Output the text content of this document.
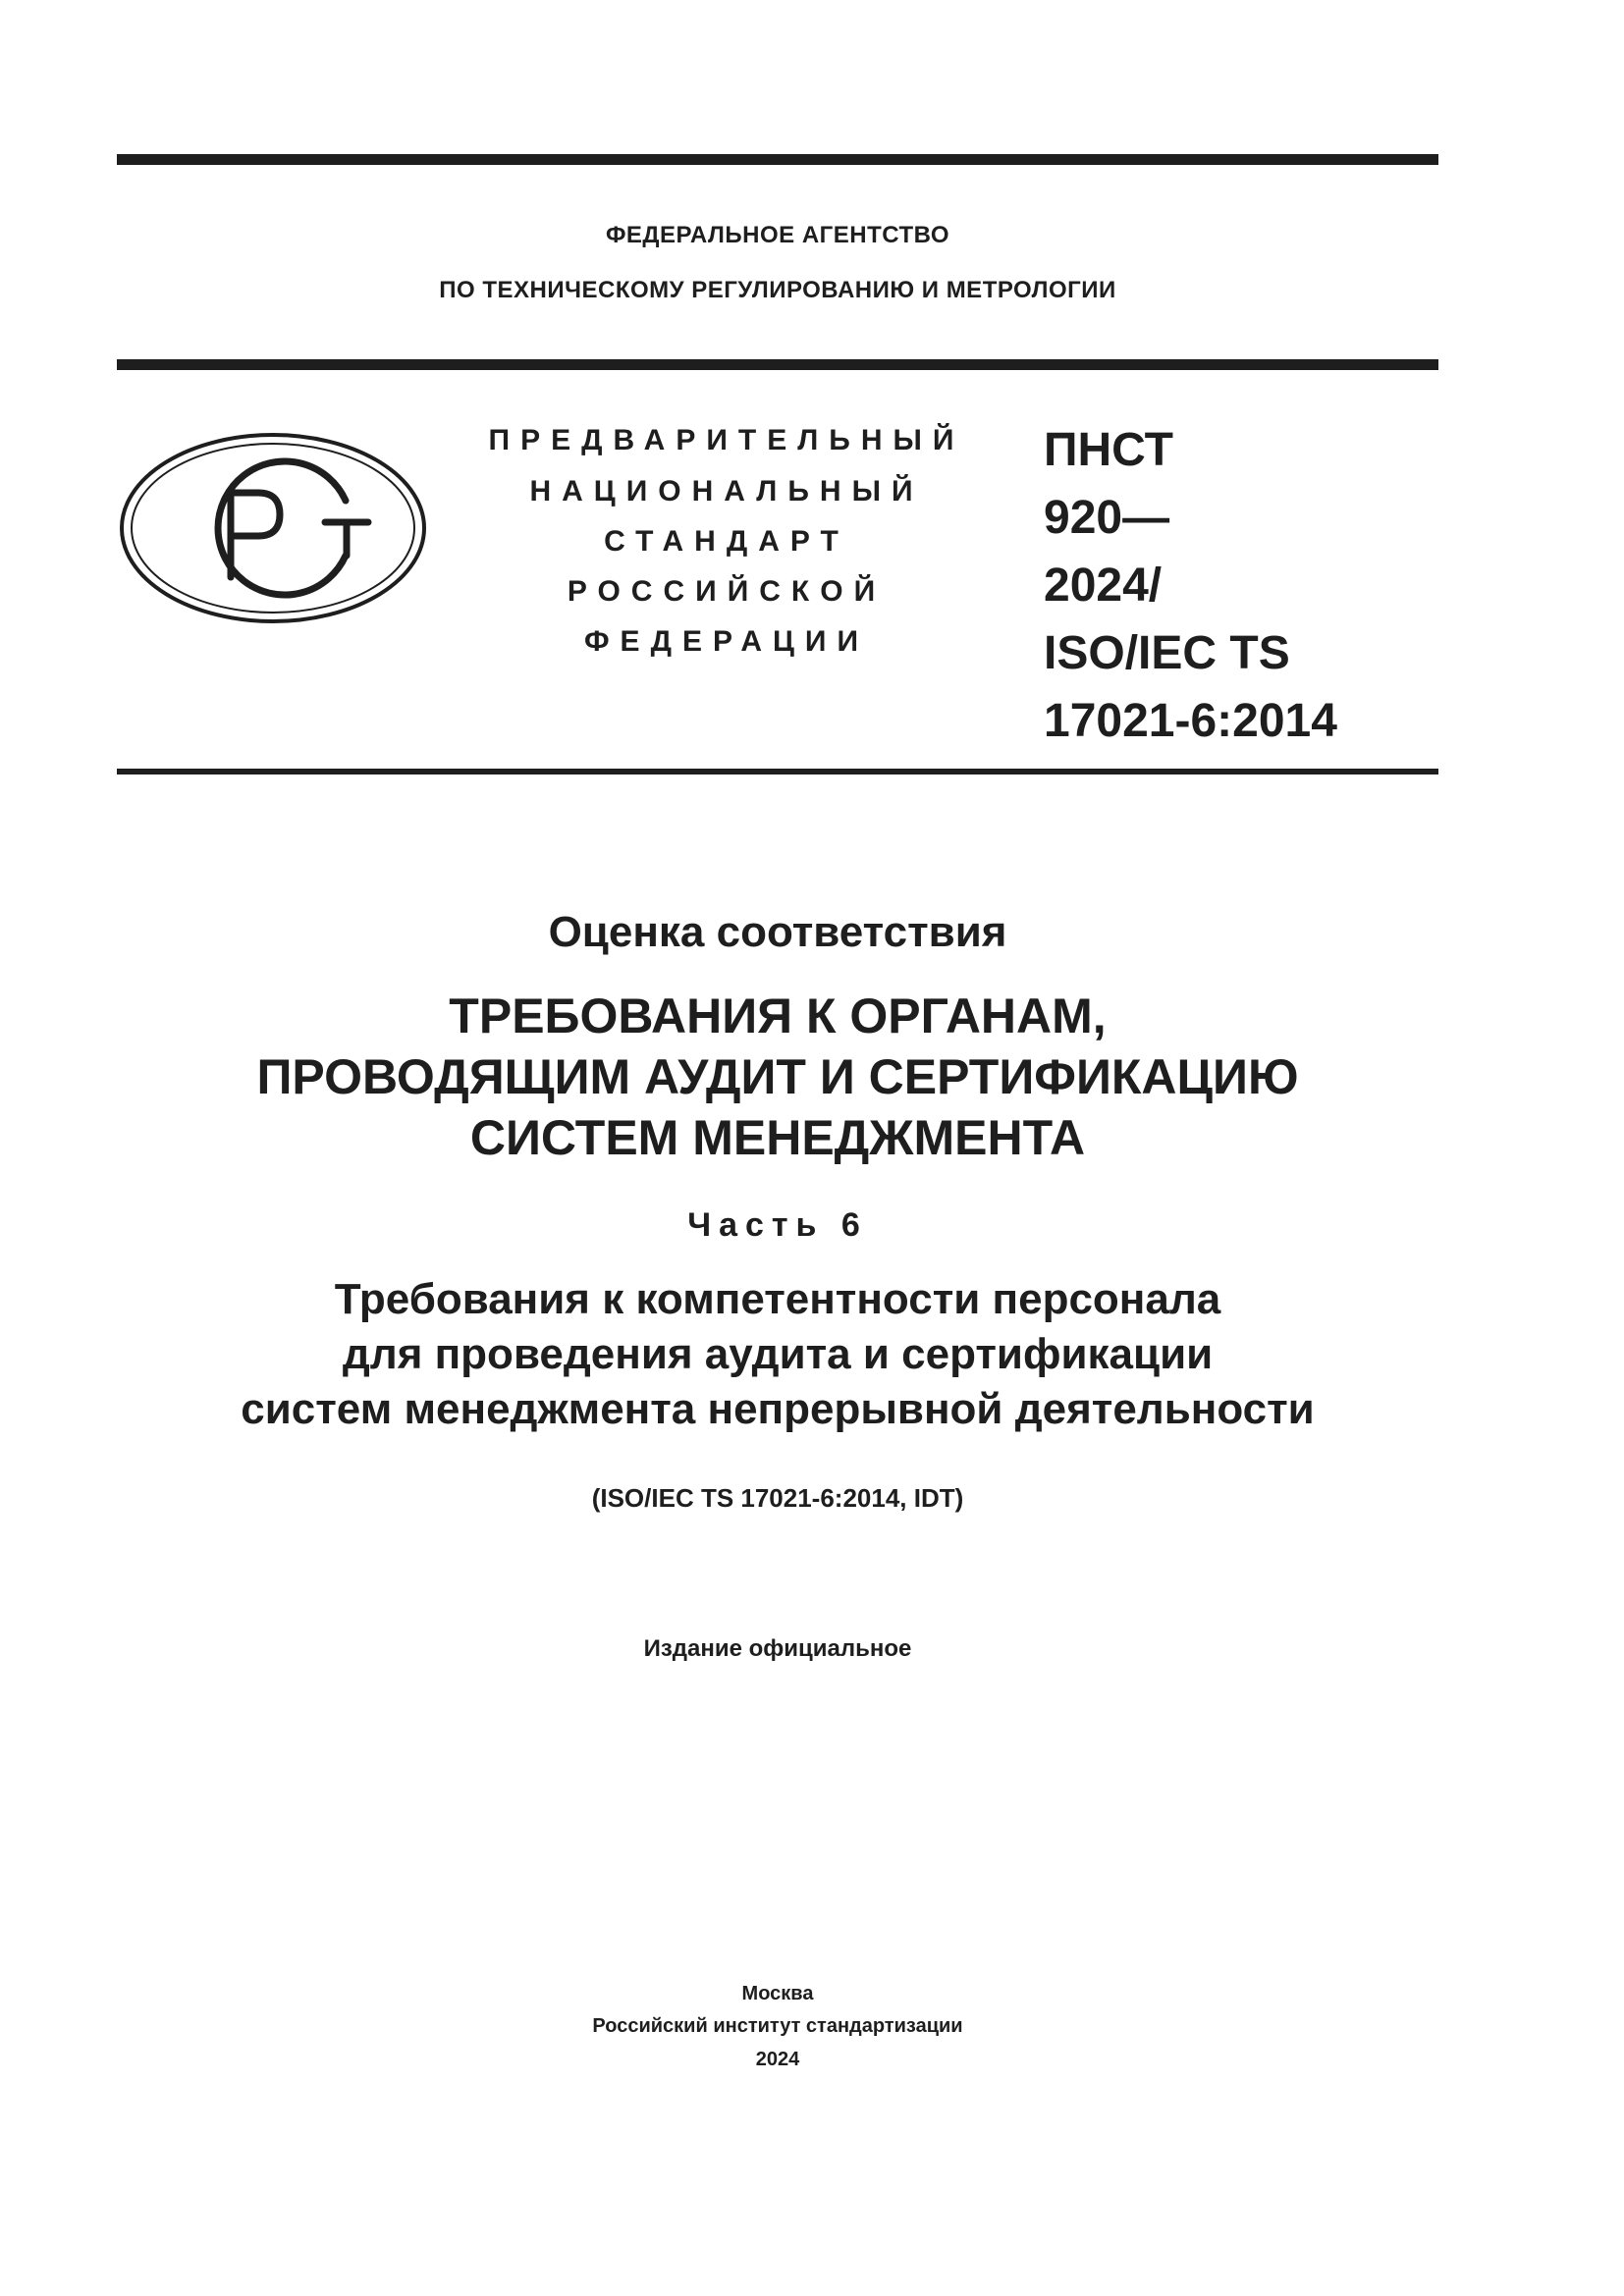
ФЕДЕРАЛЬНОЕ АГЕНТСТВО
ПО ТЕХНИЧЕСКОМУ РЕГУЛИРОВАНИЮ И МЕТРОЛОГИИ
ПРЕДВАРИТЕЛЬНЫЙ
НАЦИОНАЛЬНЫЙ
СТАНДАРТ
РОССИЙСКОЙ
ФЕДЕРАЦИИ
ПНСТ
920—
2024/
ISO/IEC TS
17021-6:2014
Оценка соответствия
ТРЕБОВАНИЯ К ОРГАНАМ,
ПРОВОДЯЩИМ АУДИТ И СЕРТИФИКАЦИЮ
СИСТЕМ МЕНЕДЖМЕНТА
Часть 6
Требования к компетентности персонала
для проведения аудита и сертификации
систем менеджмента непрерывной деятельности
(ISO/IEC TS 17021-6:2014, IDT)
Издание официальное
Москва
Российский институт стандартизации
2024
